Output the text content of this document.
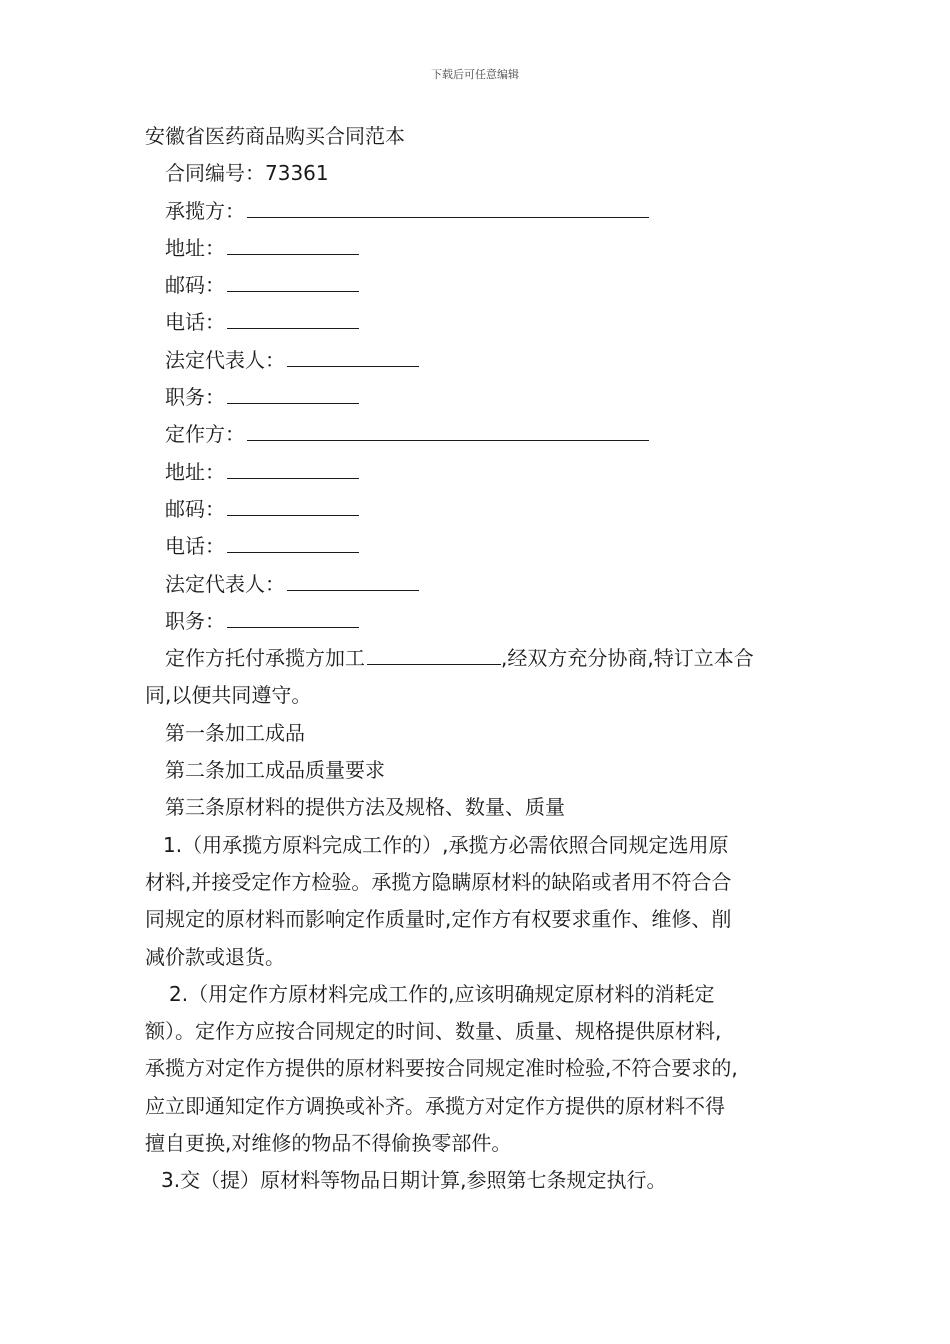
下载后可任意编辑
安徽省医药商品购买合同范本
合同编号：73361
承揽方：
地址：
邮码：
电话：
法定代表人：
职务：
定作方：
地址：
邮码：
电话：
法定代表人：
职务：
定作方托付承揽方加工	,经双方充分协商,特订立本合
同,以便共同遵守。
第一条加工成品
第二条加工成品质量要求
第三条原材料的提供方法及规格、数量、质量
1.（用承揽方原料完成工作的）,承揽方必需依照合同规定选用原
材料,并接受定作方检验。承揽方隐瞒原材料的缺陷或者用不符合合
同规定的原材料而影响定作质量时,定作方有权要求重作、维修、削
减价款或退货。
2.（用定作方原材料完成工作的,应该明确规定原材料的消耗定
额）。定作方应按合同规定的时间、数量、质量、规格提供原材料,
承揽方对定作方提供的原材料要按合同规定准时检验,不符合要求的,
应立即通知定作方调换或补齐。承揽方对定作方提供的原材料不得
擅自更换,对维修的物品不得偷换零部件。
3.交（提）原材料等物品日期计算,参照第七条规定执行。
